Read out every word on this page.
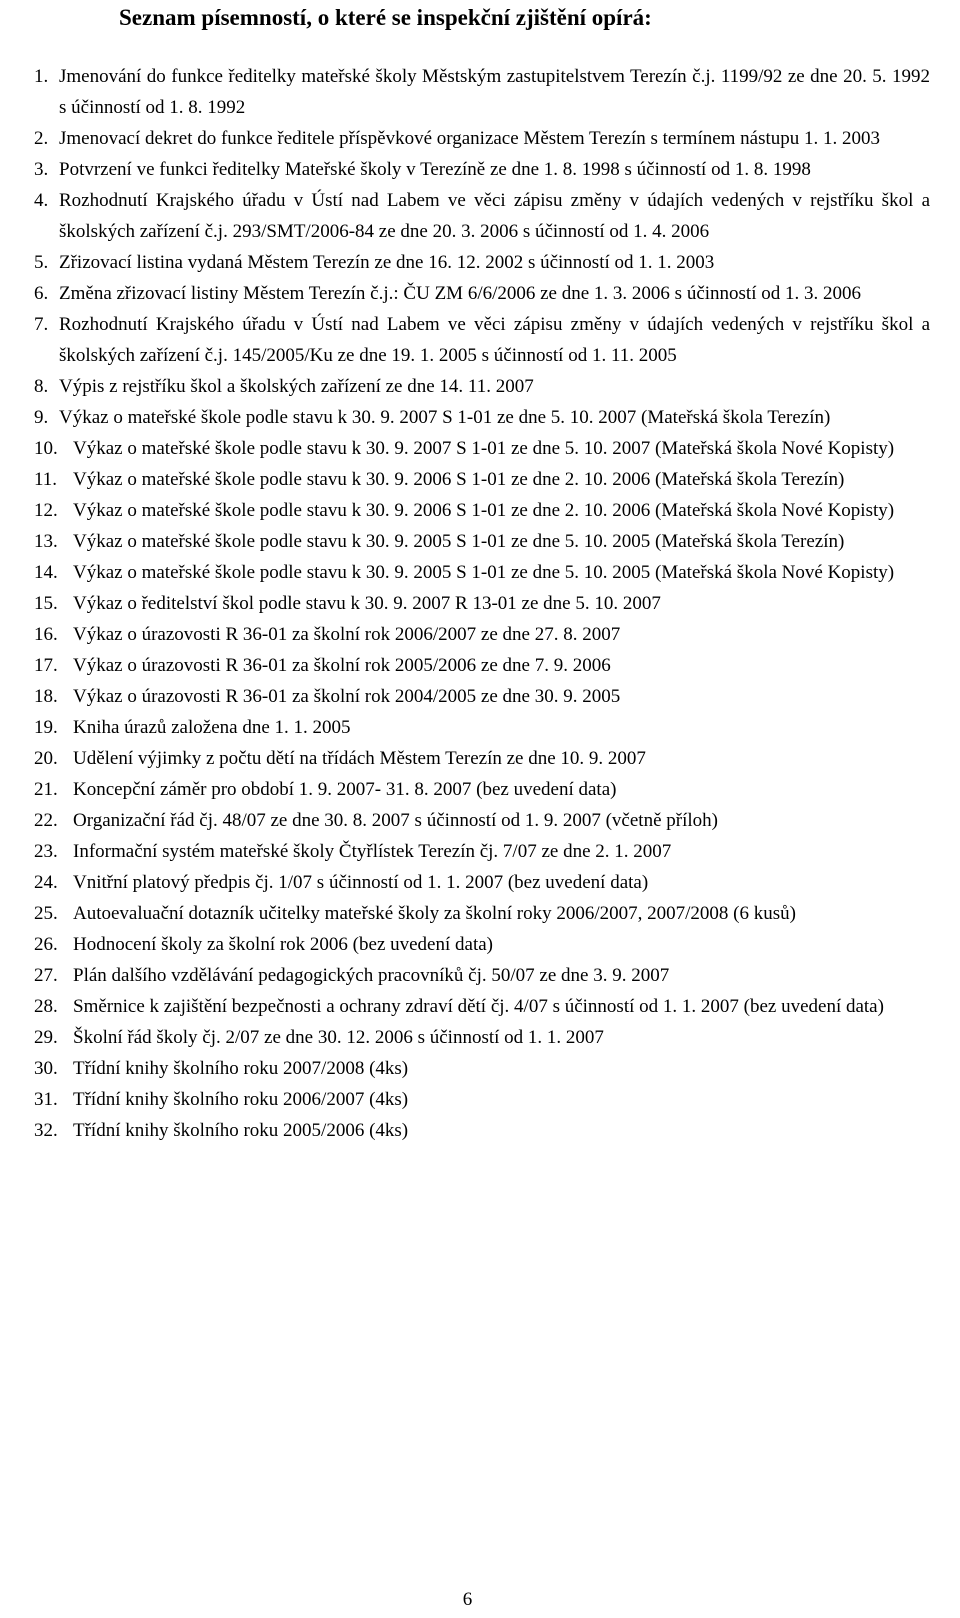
Seznam písemností, o které se inspekční zjištění opírá:
1. Jmenování do funkce ředitelky mateřské školy Městským zastupitelstvem Terezín č.j. 1199/92 ze dne 20. 5. 1992 s účinností od 1. 8. 1992
2. Jmenovací dekret do funkce ředitele příspěvkové organizace Městem Terezín s termínem nástupu 1. 1. 2003
3. Potvrzení ve funkci ředitelky Mateřské školy v Terezíně ze dne 1. 8. 1998 s účinností od 1. 8. 1998
4. Rozhodnutí Krajského úřadu v Ústí nad Labem ve věci zápisu změny v údajích vedených v rejstříku škol a školských zařízení č.j. 293/SMT/2006-84 ze dne 20. 3. 2006 s účinností od 1. 4. 2006
5. Zřizovací listina vydaná Městem Terezín ze dne 16. 12. 2002 s účinností od 1. 1. 2003
6. Změna zřizovací listiny Městem Terezín č.j.: ČU ZM 6/6/2006 ze dne 1. 3. 2006 s účinností od 1. 3. 2006
7. Rozhodnutí Krajského úřadu v Ústí nad Labem ve věci zápisu změny v údajích vedených v rejstříku škol a školských zařízení č.j. 145/2005/Ku ze dne 19. 1. 2005 s účinností od 1. 11. 2005
8. Výpis z rejstříku škol a školských zařízení ze dne 14. 11. 2007
9. Výkaz o mateřské škole podle stavu k 30. 9. 2007 S 1-01 ze dne 5. 10. 2007 (Mateřská škola Terezín)
10. Výkaz o mateřské škole podle stavu k 30. 9. 2007 S 1-01 ze dne 5. 10. 2007 (Mateřská škola Nové Kopisty)
11. Výkaz o mateřské škole podle stavu k 30. 9. 2006 S 1-01 ze dne 2. 10. 2006 (Mateřská škola Terezín)
12. Výkaz o mateřské škole podle stavu k 30. 9. 2006 S 1-01 ze dne 2. 10. 2006 (Mateřská škola Nové Kopisty)
13. Výkaz o mateřské škole podle stavu k 30. 9. 2005 S 1-01 ze dne 5. 10. 2005 (Mateřská škola Terezín)
14. Výkaz o mateřské škole podle stavu k 30. 9. 2005 S 1-01 ze dne 5. 10. 2005 (Mateřská škola Nové Kopisty)
15. Výkaz o ředitelství škol podle stavu k 30. 9. 2007 R 13-01 ze dne 5. 10. 2007
16. Výkaz o úrazovosti R 36-01 za školní rok 2006/2007 ze dne 27. 8. 2007
17. Výkaz o úrazovosti R 36-01 za školní rok 2005/2006 ze dne 7. 9. 2006
18. Výkaz o úrazovosti R 36-01 za školní rok 2004/2005 ze dne 30. 9. 2005
19. Kniha úrazů založena dne 1. 1. 2005
20. Udělení výjimky z počtu dětí na třídách Městem Terezín ze dne 10. 9. 2007
21. Koncepční záměr pro období 1. 9. 2007- 31. 8. 2007 (bez uvedení data)
22. Organizační řád čj. 48/07 ze dne 30. 8. 2007 s účinností od 1. 9. 2007 (včetně příloh)
23. Informační systém mateřské školy Čtyřlístek Terezín čj. 7/07 ze dne 2. 1. 2007
24. Vnitřní platový předpis čj. 1/07 s účinností od 1. 1. 2007 (bez uvedení data)
25. Autoevaluační dotazník učitelky mateřské školy za školní roky 2006/2007, 2007/2008 (6 kusů)
26. Hodnocení školy za školní rok 2006 (bez uvedení data)
27. Plán dalšího vzdělávání pedagogických pracovníků čj. 50/07 ze dne 3. 9. 2007
28. Směrnice k zajištění bezpečnosti a ochrany zdraví dětí čj. 4/07 s účinností od 1. 1. 2007 (bez uvedení data)
29. Školní řád školy čj. 2/07 ze dne 30. 12. 2006 s účinností od 1. 1. 2007
30. Třídní knihy školního roku 2007/2008 (4ks)
31. Třídní knihy školního roku 2006/2007 (4ks)
32. Třídní knihy školního roku 2005/2006 (4ks)
6
